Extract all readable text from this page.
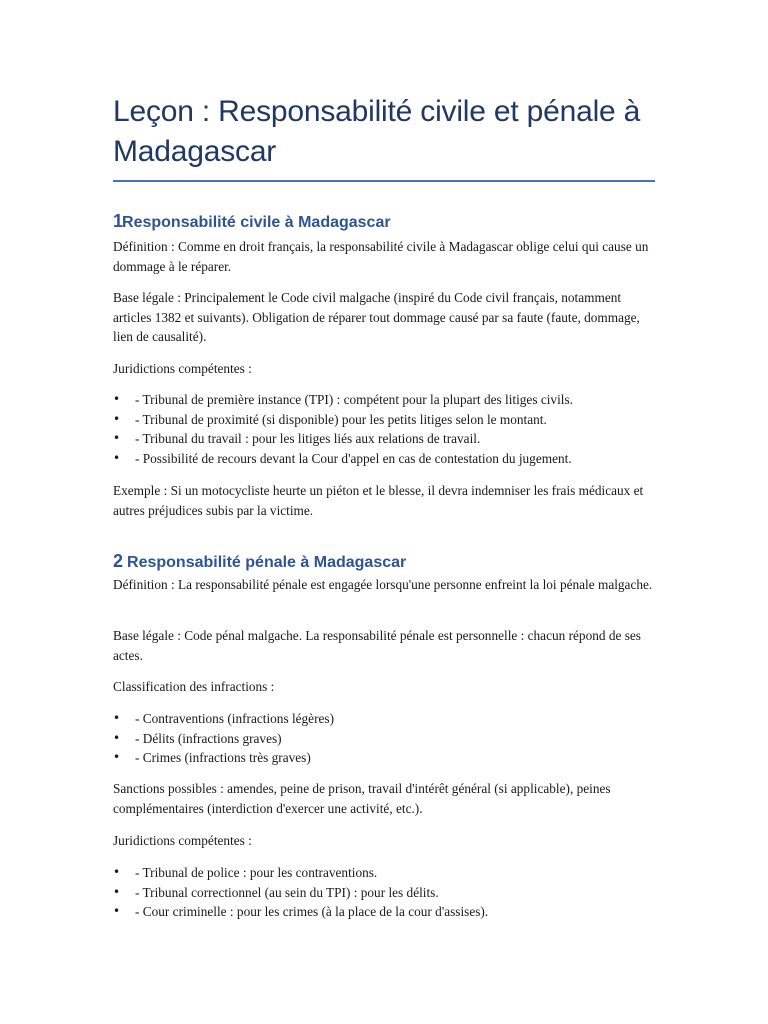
Leçon : Responsabilité civile et pénale à Madagascar
1Responsabilité civile à Madagascar

Définition : Comme en droit français, la responsabilité civile à Madagascar oblige celui qui cause un dommage à le réparer.

Base légale : Principalement le Code civil malgache (inspiré du Code civil français, notamment articles 1382 et suivants). Obligation de réparer tout dommage causé par sa faute (faute, dommage, lien de causalité).

Juridictions compétentes :

• - Tribunal de première instance (TPI) : compétent pour la plupart des litiges civils.
• - Tribunal de proximité (si disponible) pour les petits litiges selon le montant.
• - Tribunal du travail : pour les litiges liés aux relations de travail.
• - Possibilité de recours devant la Cour d'appel en cas de contestation du jugement.

Exemple : Si un motocycliste heurte un piéton et le blesse, il devra indemniser les frais médicaux et autres préjudices subis par la victime.

2 Responsabilité pénale à Madagascar

Définition : La responsabilité pénale est engagée lorsqu'une personne enfreint la loi pénale malgache.

Base légale : Code pénal malgache. La responsabilité pénale est personnelle : chacun répond de ses actes.

Classification des infractions :

• - Contraventions (infractions légères)
• - Délits (infractions graves)
• - Crimes (infractions très graves)

Sanctions possibles : amendes, peine de prison, travail d'intérêt général (si applicable), peines complémentaires (interdiction d'exercer une activité, etc.).

Juridictions compétentes :

• - Tribunal de police : pour les contraventions.
• - Tribunal correctionnel (au sein du TPI) : pour les délits.
• - Cour criminelle : pour les crimes (à la place de la cour d'assises).
